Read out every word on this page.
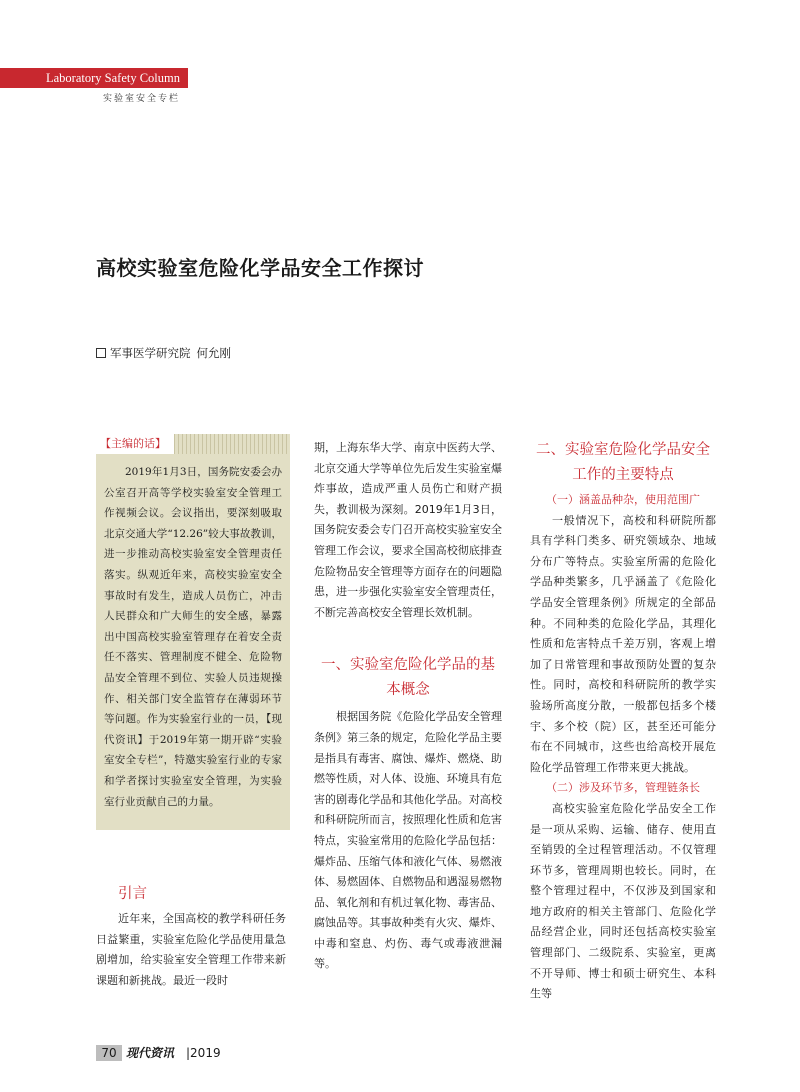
Laboratory Safety Column
实验室安全专栏
高校实验室危险化学品安全工作探讨
军事医学研究院 何允刚
【主编的话】
2019年1月3日，国务院安委会办公室召开高等学校实验室安全管理工作视频会议。会议指出，要深刻吸取北京交通大学“12.26”较大事故教训，进一步推动高校实验室安全管理责任落实。纵观近年来，高校实验室安全事故时有发生，造成人员伤亡，冲击人民群众和广大师生的安全感，暴露出中国高校实验室管理存在着安全责任不落实、管理制度不健全、危险物品安全管理不到位、实验人员违规操作、相关部门安全监管存在薄弱环节等问题。作为实验室行业的一员，【现代资讯】于2019年第一期开辟“实验室安全专栏”，特邀实验室行业的专家和学者探讨实验室安全管理，为实验室行业贡献自己的力量。
引言

近年来，全国高校的教学科研任务日益繁重，实验室危险化学品使用量急剧增加，给实验室安全管理工作带来新课题和新挑战。最近一段时

期，上海东华大学、南京中医药大学、北京交通大学等单位先后发生实验室爆炸事故，造成严重人员伤亡和财产损失，教训极为深刻。2019年1月3日，国务院安委会专门召开高校实验室安全管理工作会议，要求全国高校彻底排查危险物品安全管理等方面存在的问题隐患，进一步强化实验室安全管理责任，不断完善高校安全管理长效机制。

一、实验室危险化学品的基本概念

根据国务院《危险化学品安全管理条例》第三条的规定，危险化学品主要是指具有毒害、腐蚀、爆炸、燃烧、助燃等性质，对人体、设施、环境具有危害的剧毒化学品和其他化学品。对高校和科研院所而言，按照理化性质和危害特点，实验室常用的危险化学品包括：爆炸品、压缩气体和液化气体、易燃液体、易燃固体、自燃物品和遇湿易燃物品、氧化剂和有机过氧化物、毒害品、腐蚀品等。其事故种类有火灾、爆炸、中毒和窒息、灼伤、毒气或毒液泄漏等。

二、实验室危险化学品安全工作的主要特点
（一）涵盖品种杂，使用范围广

一般情况下，高校和科研院所都具有学科门类多、研究领域杂、地域分布广等特点。实验室所需的危险化学品种类繁多，几乎涵盖了《危险化学品安全管理条例》所规定的全部品种。不同种类的危险化学品，其理化性质和危害特点千差万别，客观上增加了日常管理和事故预防处置的复杂性。同时，高校和科研院所的教学实验场所高度分散，一般都包括多个楼宇、多个校（院）区，甚至还可能分布在不同城市，这些也给高校开展危险化学品管理工作带来更大挑战。

（二）涉及环节多，管理链条长

高校实验室危险化学品安全工作是一项从采购、运输、储存、使用直至销毁的全过程管理活动。不仅管理环节多，管理周期也较长。同时，在整个管理过程中，不仅涉及到国家和地方政府的相关主管部门、危险化学品经营企业，同时还包括高校实验室管理部门、二级院系、实验室，更离不开导师、博士和硕士研究生、本科生等

70 现代资讯 |2019
